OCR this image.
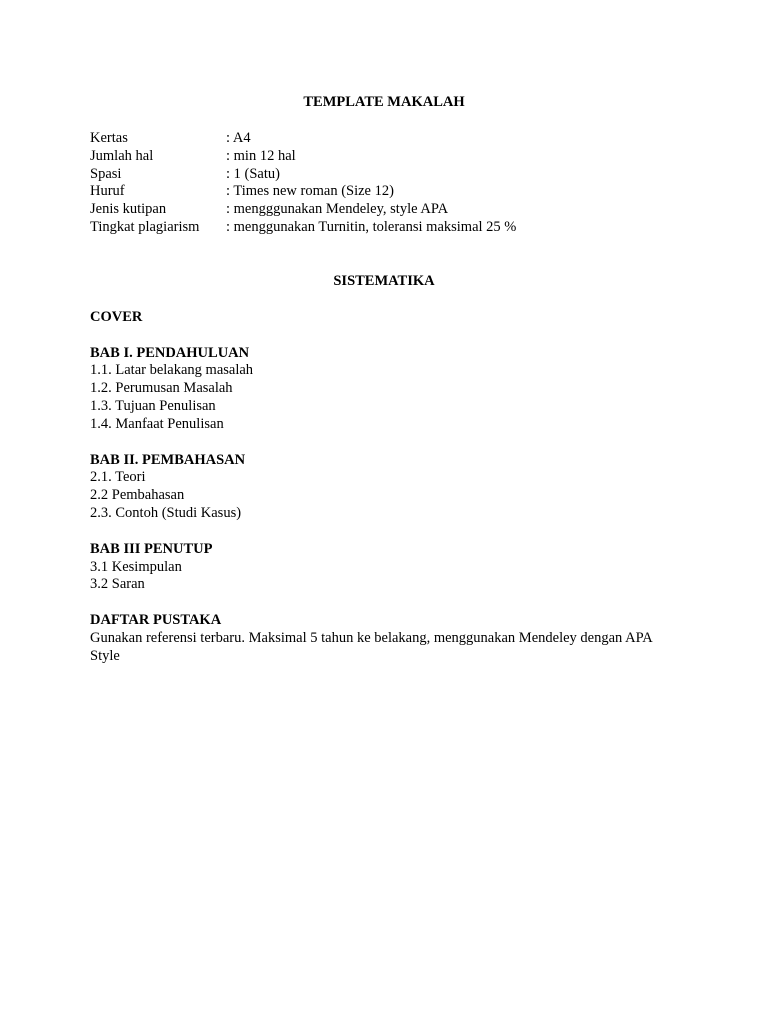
TEMPLATE MAKALAH
Kertas	: A4
Jumlah hal	: min 12 hal
Spasi	: 1 (Satu)
Huruf	: Times new roman (Size 12)
Jenis kutipan	: mengggunakan Mendeley, style APA
Tingkat plagiarism	: menggunakan Turnitin, toleransi maksimal 25 %
SISTEMATIKA
COVER
BAB I. PENDAHULUAN
1.1. Latar belakang masalah
1.2. Perumusan Masalah
1.3. Tujuan Penulisan
1.4. Manfaat Penulisan
BAB II. PEMBAHASAN
2.1. Teori
2.2 Pembahasan
2.3. Contoh (Studi Kasus)
BAB III PENUTUP
3.1 Kesimpulan
3.2 Saran
DAFTAR PUSTAKA

Gunakan referensi terbaru. Maksimal 5 tahun ke belakang, menggunakan Mendeley dengan APA Style
